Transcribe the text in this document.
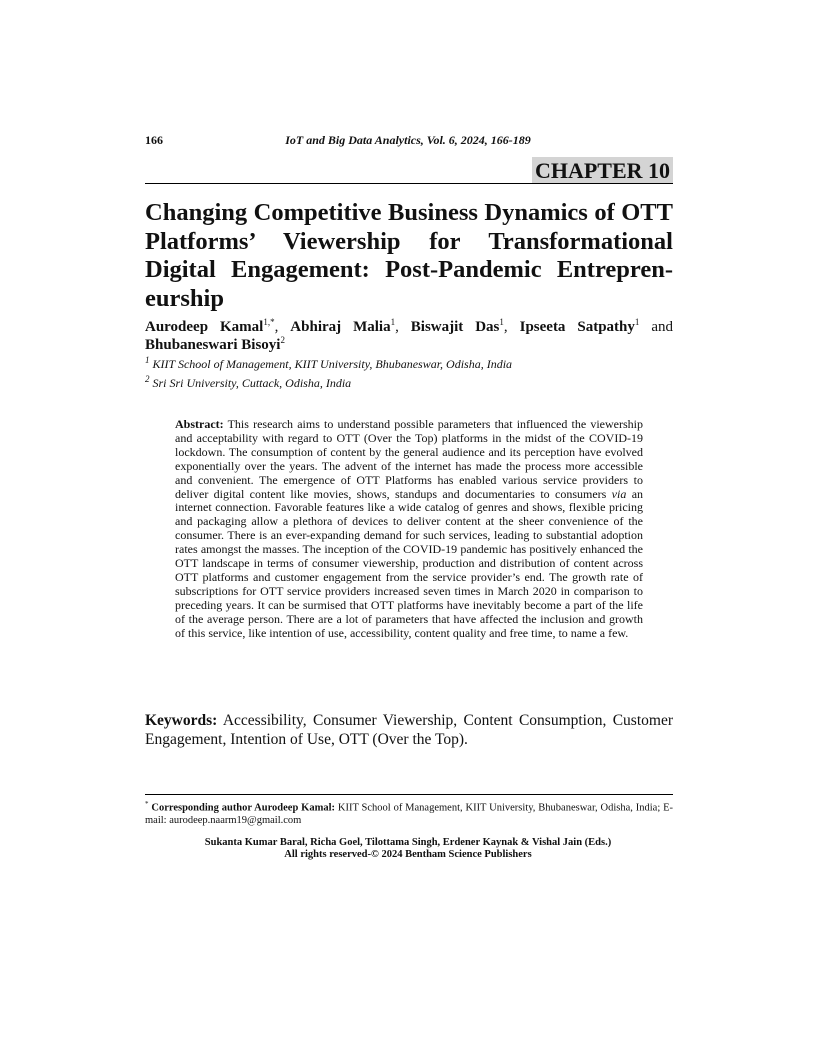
166	IoT and Big Data Analytics, Vol. 6, 2024, 166-189
CHAPTER 10
Changing Competitive Business Dynamics of OTT Platforms’ Viewership for Transformational Digital Engagement: Post-Pandemic Entrepren-eurship
Aurodeep Kamal$^{1,*}$, Abhiraj Malia$^1$, Biswajit Das$^1$, Ipseeta Satpathy$^1$ and Bhubaneswari Bisoyi$^2$
$^1$ KIIT School of Management, KIIT University, Bhubaneswar, Odisha, India
$^2$ Sri Sri University, Cuttack, Odisha, India
Abstract: This research aims to understand possible parameters that influenced the viewership and acceptability with regard to OTT (Over the Top) platforms in the midst of the COVID-19 lockdown. The consumption of content by the general audience and its perception have evolved exponentially over the years. The advent of the internet has made the process more accessible and convenient. The emergence of OTT Platforms has enabled various service providers to deliver digital content like movies, shows, standups and documentaries to consumers via an internet connection. Favorable features like a wide catalog of genres and shows, flexible pricing and packaging allow a plethora of devices to deliver content at the sheer convenience of the consumer. There is an ever-expanding demand for such services, leading to substantial adoption rates amongst the masses. The inception of the COVID-19 pandemic has positively enhanced the OTT landscape in terms of consumer viewership, production and distribution of content across OTT platforms and customer engagement from the service provider’s end. The growth rate of subscriptions for OTT service providers increased seven times in March 2020 in comparison to preceding years. It can be surmised that OTT platforms have inevitably become a part of the life of the average person. There are a lot of parameters that have affected the inclusion and growth of this service, like intention of use, accessibility, content quality and free time, to name a few.
Keywords: Accessibility, Consumer Viewership, Content Consumption, Customer Engagement, Intention of Use, OTT (Over the Top).
* Corresponding author Aurodeep Kamal: KIIT School of Management, KIIT University, Bhubaneswar, Odisha, India; E-mail: aurodeep.naarm19@gmail.com
Sukanta Kumar Baral, Richa Goel, Tilottama Singh, Erdener Kaynak & Vishal Jain (Eds.)
All rights reserved-© 2024 Bentham Science Publishers
